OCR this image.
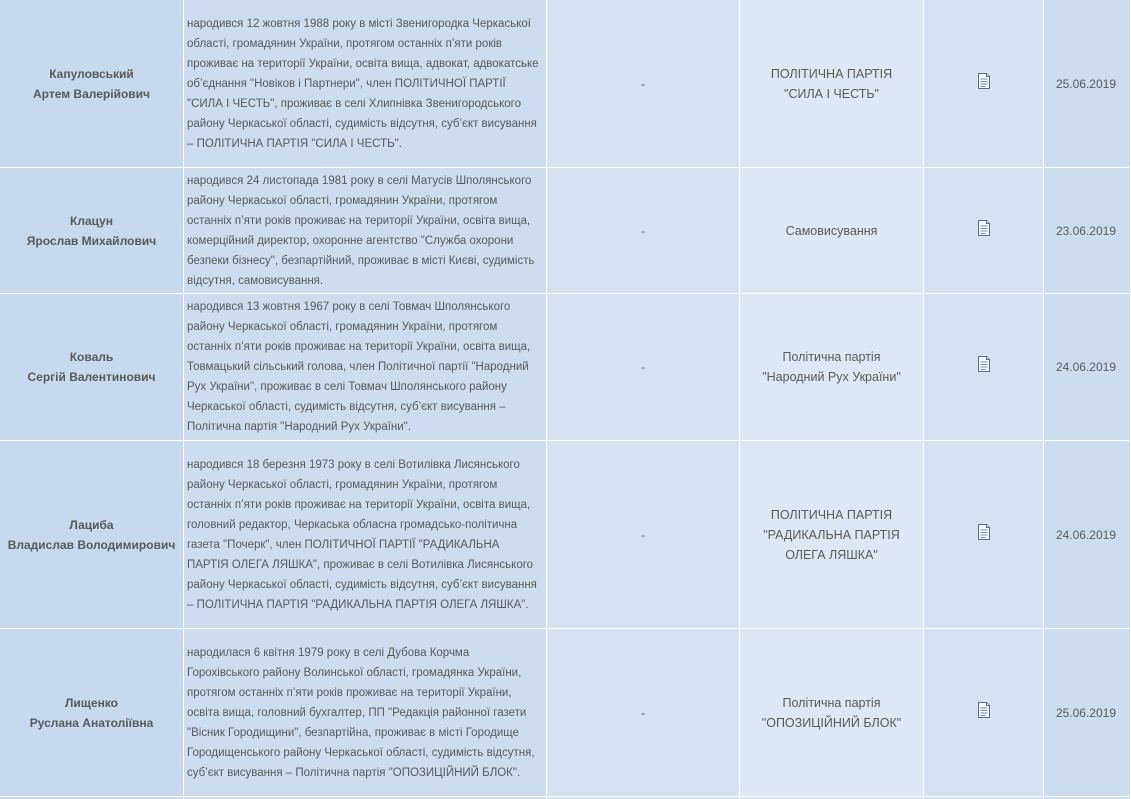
Капуловський
Артем Валерійович	народився 12 жовтня 1988 року в місті Звенигородка Черкаської області, громадянин України, протягом останніх п’яти років проживає на території України, освіта вища, адвокат, адвокатське об’єднання "Новіков і Партнери", член ПОЛІТИЧНОЇ ПАРТІЇ "СИЛА І ЧЕСТЬ", проживає в селі Хлипнівка Звенигородського району Черкаської області, судимість відсутня, суб’єкт висування – ПОЛІТИЧНА ПАРТІЯ "СИЛА І ЧЕСТЬ".	-	ПОЛІТИЧНА ПАРТІЯ "СИЛА І ЧЕСТЬ"		25.06.2019

Клацун
Ярослав Михайлович	народився 24 листопада 1981 року в селі Матусів Шполянського району Черкаської області, громадянин України, протягом останніх п’яти років проживає на території України, освіта вища, комерційний директор, охоронне агентство "Служба охорони безпеки бізнесу", безпартійний, проживає в місті Києві, судимість відсутня, самовисування.	-	Самовисування		23.06.2019

Коваль
Сергій Валентинович	народився 13 жовтня 1967 року в селі Товмач Шполянського району Черкаської області, громадянин України, протягом останніх п’яти років проживає на території України, освіта вища, Товмацький сільський голова, член Політичної партії "Народний Рух України", проживає в селі Товмач Шполянського району Черкаської області, судимість відсутня, суб’єкт висування – Політична партія "Народний Рух України".	-	Політична партія "Народний Рух України"		24.06.2019

Лациба
Владислав Володимирович	народився 18 березня 1973 року в селі Вотилівка Лисянського району Черкаської області, громадянин України, протягом останніх п’яти років проживає на території України, освіта вища, головний редактор, Черкаська обласна громадсько-політична газета "Почерк", член ПОЛІТИЧНОЇ ПАРТІЇ "РАДИКАЛЬНА ПАРТІЯ ОЛЕГА ЛЯШКА", проживає в селі Вотилівка Лисянського району Черкаської області, судимість відсутня, суб’єкт висування – ПОЛІТИЧНА ПАРТІЯ "РАДИКАЛЬНА ПАРТІЯ ОЛЕГА ЛЯШКА".	-	ПОЛІТИЧНА ПАРТІЯ "РАДИКАЛЬНА ПАРТІЯ ОЛЕГА ЛЯШКА"		24.06.2019

Лищенко
Руслана Анатоліївна	народилася 6 квітня 1979 року в селі Дубова Корчма Горохівського району Волинської області, громадянка України, протягом останніх п’яти років проживає на території України, освіта вища, головний бухгалтер, ПП "Редакція районної газети "Вісник Городищини", безпартійна, проживає в місті Городище Городищенського району Черкаської області, судимість відсутня, суб’єкт висування – Політична партія "ОПОЗИЦІЙНИЙ БЛОК".	-	Політична партія "ОПОЗИЦІЙНИЙ БЛОК"		25.06.2019
